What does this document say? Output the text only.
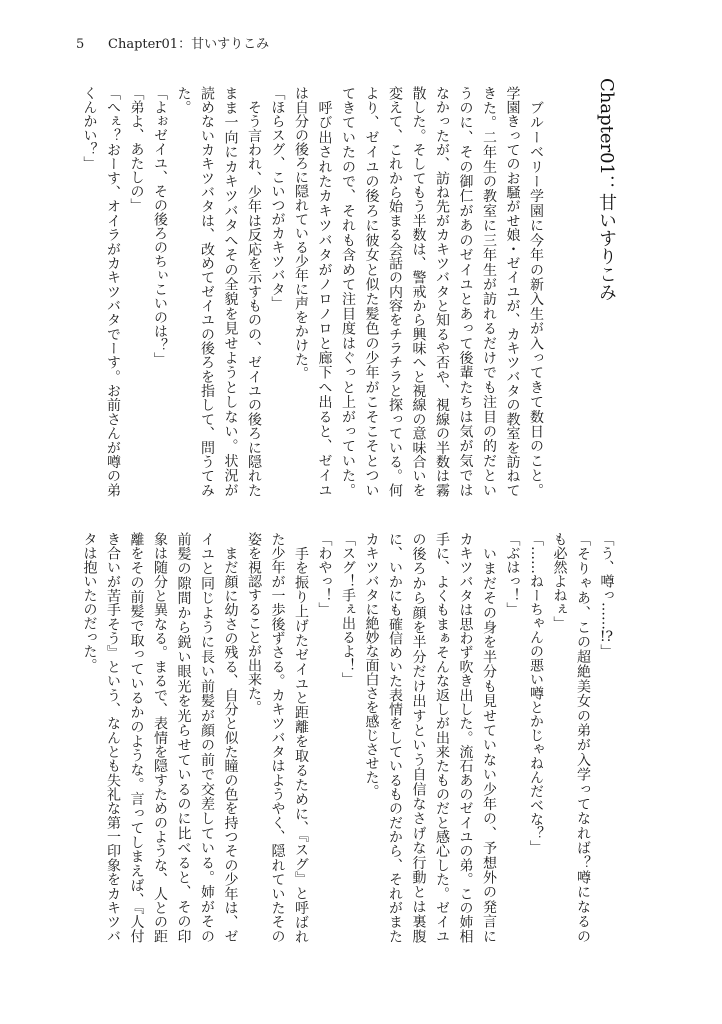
5 Chapter01：甘いすりこみ
Chapter01：甘いすりこみ
　ブルーベリー学園に今年の新入生が入ってきて数日のこと。
学園きってのお騒がせ娘・ゼイユが、カキツバタの教室を訪ねて
きた。二年生の教室に三年生が訪れるだけでも注目の的だとい
うのに、その御仁があのゼイユとあって後輩たちは気が気では
なかったが、訪ね先がカキツバタと知るや否や、視線の半数は霧
散した。そしてもう半数は、警戒から興味へと視線の意味合いを
変えて、これから始まる会話の内容をチラチラと探っている。何
より、ゼイユの後ろに彼女と似た髪色の少年がこそこそとつい
てきていたので、それも含めて注目度はぐっと上がっていた。
　呼び出されたカキツバタがノロノロと廊下へ出ると、ゼイユ
は自分の後ろに隠れている少年に声をかけた。
「ほらスグ、こいつがカキツバタ」
　そう言われ、少年は反応を示すものの、ゼイユの後ろに隠れた
まま一向にカキツバタへその全貌を見せようとしない。状況が
読めないカキツバタは、改めてゼイユの後ろを指して、問うてみ
た。
「よぉゼイユ、その後ろのちぃこいのは？」
「弟よ、あたしの」
「へぇ？おーす、オイラがカキツバタでーす。お前さんが噂の弟
くんかい？」
「う、噂っ……!?」
「そりゃあ、この超絶美女の弟が入学ってなれば？噂になるの
も必然よねぇ」
「……ねーちゃんの悪い噂とかじゃねんだべな？」
「ぶはっ！」
　いまだその身を半分も見せていない少年の、予想外の発言に
カキツバタは思わず吹き出した。流石あのゼイユの弟。この姉相
手に、よくもまぁそんな返しが出来たものだと感心した。ゼイユ
の後ろから顔を半分だけ出すという自信なさげな行動とは裏腹
に、いかにも確信めいた表情をしているものだから、それがまた
カキツバタに絶妙な面白さを感じさせた。
「スグ！手ぇ出るよ！」
「わやっ！」
　手を振り上げたゼイユと距離を取るために、『スグ』と呼ばれ
た少年が一歩後ずさる。カキツバタはようやく、隠れていたその
姿を視認することが出来た。
　まだ顔に幼さの残る、自分と似た瞳の色を持つその少年は、ゼ
イユと同じように長い前髪が顔の前で交差している。姉がその
前髪の隙間から鋭い眼光を光らせているのに比べると、その印
象は随分と異なる。まるで、表情を隠すためのような、人との距
離をその前髪で取っているかのような。言ってしまえば、『人付
き合いが苦手そう』という、なんとも失礼な第一印象をカキツバ
タは抱いたのだった。
